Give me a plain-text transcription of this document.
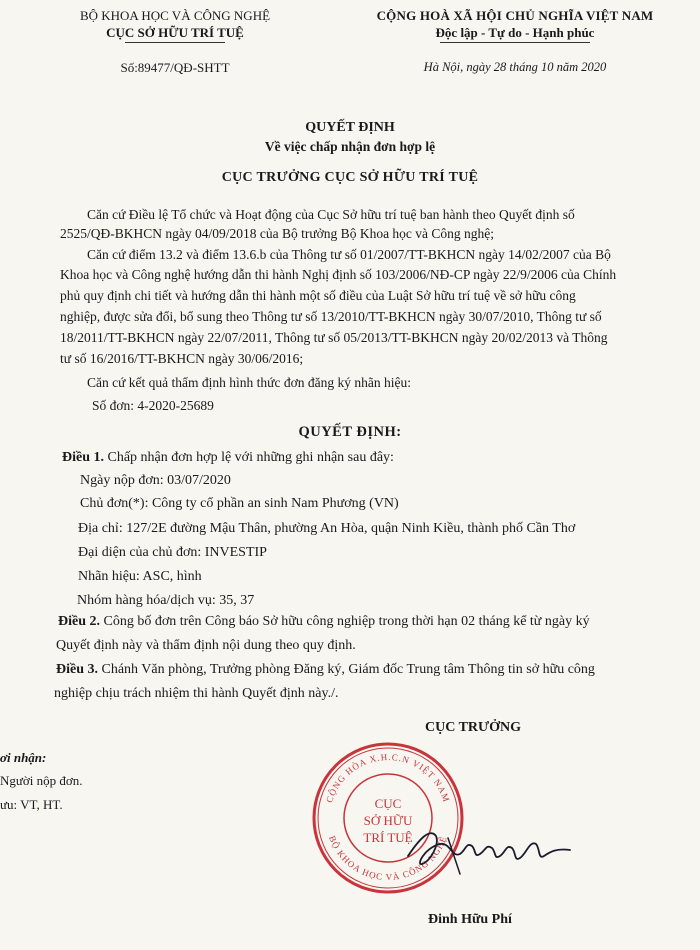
BỘ KHOA HỌC VÀ CÔNG NGHỆ
CỤC SỞ HỮU TRÍ TUỆ
Số:89477/QĐ-SHTT
CỘNG HOÀ XÃ HỘI CHỦ NGHĨA VIỆT NAM
Độc lập - Tự do - Hạnh phúc
Hà Nội, ngày 28 tháng 10 năm 2020
QUYẾT ĐỊNH
Về việc chấp nhận đơn hợp lệ
CỤC TRƯỞNG CỤC SỞ HỮU TRÍ TUỆ
Căn cứ Điều lệ Tổ chức và Hoạt động của Cục Sở hữu trí tuệ ban hành theo Quyết định số
2525/QĐ-BKHCN ngày 04/09/2018 của Bộ trưởng Bộ Khoa học và Công nghệ;
Căn cứ điểm 13.2 và điểm 13.6.b của Thông tư số 01/2007/TT-BKHCN ngày 14/02/2007 của Bộ
Khoa học và Công nghệ hướng dẫn thi hành Nghị định số 103/2006/NĐ-CP ngày 22/9/2006 của Chính
phủ quy định chi tiết và hướng dẫn thi hành một số điều của Luật Sở hữu trí tuệ về sở hữu công
nghiệp, được sửa đổi, bổ sung theo Thông tư số 13/2010/TT-BKHCN ngày 30/07/2010, Thông tư số
18/2011/TT-BKHCN ngày 22/07/2011, Thông tư số 05/2013/TT-BKHCN ngày 20/02/2013 và Thông
tư số 16/2016/TT-BKHCN ngày 30/06/2016;
Căn cứ kết quả thẩm định hình thức đơn đăng ký nhãn hiệu:
Số đơn: 4-2020-25689
QUYẾT ĐỊNH:
Điều 1. Chấp nhận đơn hợp lệ với những ghi nhận sau đây:
Ngày nộp đơn: 03/07/2020
Chủ đơn(*): Công ty cổ phần an sinh Nam Phương (VN)
Địa chỉ: 127/2E đường Mậu Thân, phường An Hòa, quận Ninh Kiều, thành phố Cần Thơ
Đại diện của chủ đơn: INVESTIP
Nhãn hiệu: ASC, hình
Nhóm hàng hóa/dịch vụ: 35, 37
Điều 2. Công bố đơn trên Công báo Sở hữu công nghiệp trong thời hạn 02 tháng kể từ ngày ký
Quyết định này và thẩm định nội dung theo quy định.
Điều 3. Chánh Văn phòng, Trưởng phòng Đăng ký, Giám đốc Trung tâm Thông tin sở hữu công
nghiệp chịu trách nhiệm thi hành Quyết định này./.
ơi nhận:
Người nộp đơn.
ưu: VT, HT.
CỤC TRƯỞNG
CỘNG HÒA X.H.C.N VIỆT NAM
BỘ KHOA HỌC VÀ CÔNG NGHỆ
CỤC
SỞ HỮU
TRÍ TUỆ
Đinh Hữu Phí
